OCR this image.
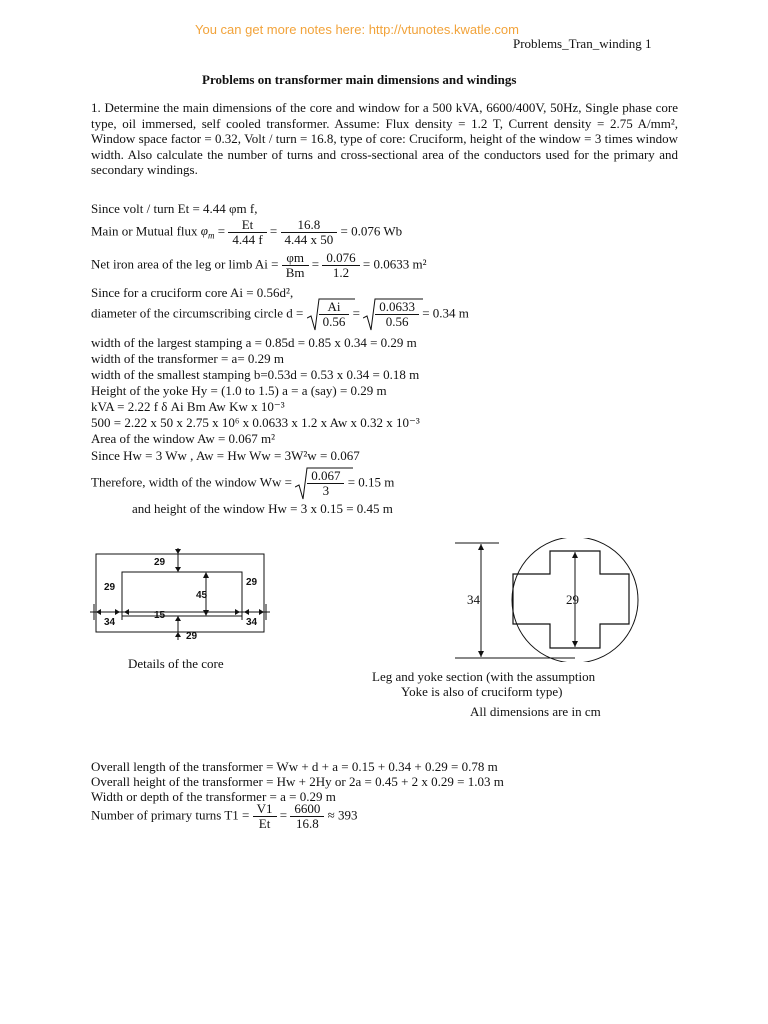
You can get more notes here: http://vtunotes.kwatle.com
Problems_Tran_winding 1
Problems on transformer main dimensions and windings
1. Determine the main dimensions of the core and window for a 500 kVA, 6600/400V, 50Hz, Single phase core type, oil immersed, self cooled transformer. Assume: Flux density = 1.2 T, Current density = 2.75 A/mm², Window space factor = 0.32, Volt / turn = 16.8, type of core: Cruciform, height of the window = 3 times window width. Also calculate the number of turns and cross-sectional area of the conductors used for the primary and secondary windings.
Since volt / turn Et = 4.44 φm f,
Main or Mutual flux $\varphi_m = \frac{Et}{4.44 f} = \frac{16.8}{4.44 x 50} = 0.076$ Wb
Net iron area of the leg or limb $Ai = \frac{\varphi m}{Bm} = \frac{0.076}{1.2} = 0.0633$ m²
Since for a cruciform core Ai = 0.56d²,
diameter of the circumscribing circle $d = \frac{Ai}{0.56} = \frac{0.0633}{0.56} = 0.34$ m
width of the largest stamping a = 0.85d = 0.85 x 0.34 = 0.29 m
width of the transformer = a= 0.29 m
width of the smallest stamping b=0.53d = 0.53 x 0.34 = 0.18 m
Height of the yoke Hy = (1.0 to 1.5) a = a (say) = 0.29 m
kVA = 2.22 f δ Ai Bm Aw Kw x 10⁻³
500 = 2.22 x 50 x 2.75 x 10⁶ x 0.0633 x 1.2 x Aw x 0.32 x 10⁻³
Area of the window Aw = 0.067 m²
Since Hw = 3 Ww , Aw = Hw Ww = 3W²w = 0.067
Therefore, width of the window $Ww = \frac{0.067}{3} = 0.15$ m
and height of the window Hw = 3 x 0.15 = 0.45 m
29
29
45
29
15
34	34
29
Details of the core
34	29
Leg and yoke section (with the assumption
Yoke is also of cruciform type)
All dimensions are in cm
Overall length of the transformer = Ww + d + a = 0.15 + 0.34 + 0.29 = 0.78 m
Overall height of the transformer = Hw + 2Hy or 2a = 0.45 + 2 x 0.29 = 1.03 m
Width or depth of the transformer = a = 0.29 m
Number of primary turns $T1 = \frac{V1}{Et} = \frac{6600}{16.8} \approx 393$
